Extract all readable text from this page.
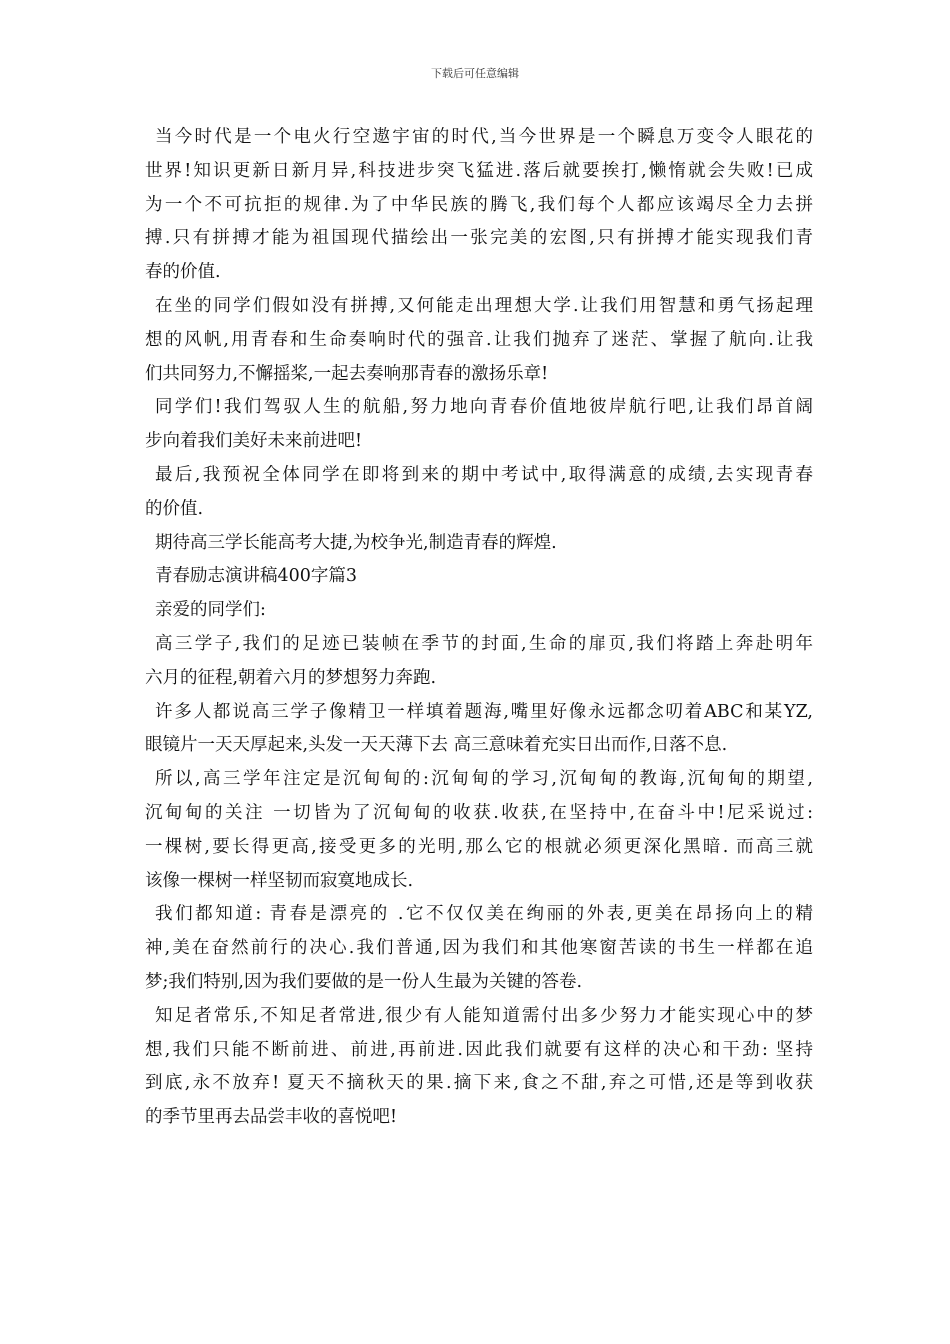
下载后可任意编辑
当今时代是一个电火行空遨宇宙的时代,当今世界是一个瞬息万变令人眼花的
世界!知识更新日新月异,科技进步突飞猛进.落后就要挨打,懒惰就会失败!已成
为一个不可抗拒的规律.为了中华民族的腾飞,我们每个人都应该竭尽全力去拼
搏.只有拼搏才能为祖国现代描绘出一张完美的宏图,只有拼搏才能实现我们青
春的价值.
在坐的同学们假如没有拼搏,又何能走出理想大学.让我们用智慧和勇气扬起理
想的风帆,用青春和生命奏响时代的强音.让我们抛弃了迷茫、掌握了航向.让我
们共同努力,不懈摇桨,一起去奏响那青春的激扬乐章!
同学们!我们驾驭人生的航船,努力地向青春价值地彼岸航行吧,让我们昂首阔
步向着我们美好未来前进吧!
最后,我预祝全体同学在即将到来的期中考试中,取得满意的成绩,去实现青春
的价值.
期待高三学长能高考大捷,为校争光,制造青春的辉煌.
青春励志演讲稿400字篇3
亲爱的同学们:
高三学子,我们的足迹已装帧在季节的封面,生命的扉页,我们将踏上奔赴明年
六月的征程,朝着六月的梦想努力奔跑.
许多人都说高三学子像精卫一样填着题海,嘴里好像永远都念叨着ABC和某YZ,
眼镜片一天天厚起来,头发一天天薄下去 高三意味着充实日出而作,日落不息.
所以,高三学年注定是沉甸甸的:沉甸甸的学习,沉甸甸的教诲,沉甸甸的期望,
沉甸甸的关注 一切皆为了沉甸甸的收获.收获,在坚持中,在奋斗中!尼采说过:
一棵树,要长得更高,接受更多的光明,那么它的根就必须更深化黑暗. 而高三就
该像一棵树一样坚韧而寂寞地成长.
我们都知道: 青春是漂亮的 .它不仅仅美在绚丽的外表,更美在昂扬向上的精
神,美在奋然前行的决心.我们普通,因为我们和其他寒窗苦读的书生一样都在追
梦;我们特别,因为我们要做的是一份人生最为关键的答卷.
知足者常乐,不知足者常进,很少有人能知道需付出多少努力才能实现心中的梦
想,我们只能不断前进、前进,再前进.因此我们就要有这样的决心和干劲: 坚持
到底,永不放弃! 夏天不摘秋天的果.摘下来,食之不甜,弃之可惜,还是等到收获
的季节里再去品尝丰收的喜悦吧!
